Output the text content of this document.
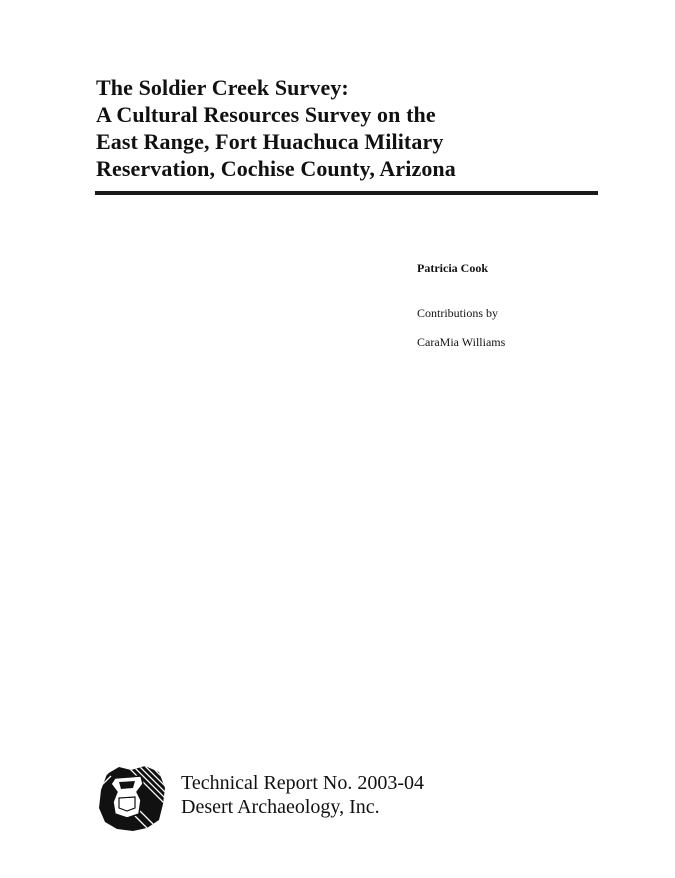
The Soldier Creek Survey:
A Cultural Resources Survey on the
East Range, Fort Huachuca Military
Reservation, Cochise County, Arizona
Patricia Cook
Contributions by
CaraMia Williams
Technical Report No. 2003-04
Desert Archaeology, Inc.
